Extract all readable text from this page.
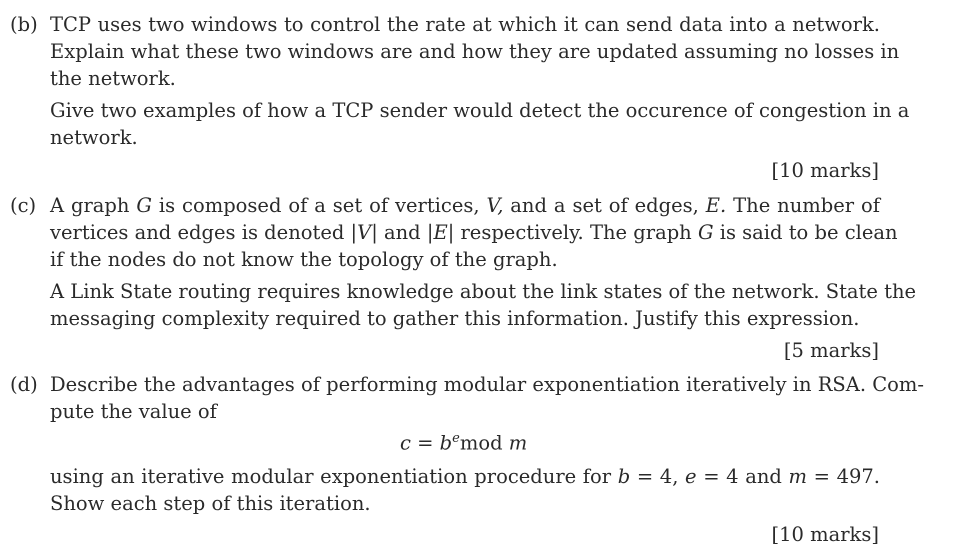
(b) TCP uses two windows to control the rate at which it can send data into a network.
Explain what these two windows are and how they are updated assuming no losses in
the network.
Give two examples of how a TCP sender would detect the occurence of congestion in a
network.
[10 marks]
(c) A graph G is composed of a set of vertices, V, and a set of edges, E. The number of
vertices and edges is denoted |V| and |E| respectively. The graph G is said to be clean
if the nodes do not know the topology of the graph.
A Link State routing requires knowledge about the link states of the network. State the
messaging complexity required to gather this information. Justify this expression.
[5 marks]
(d) Describe the advantages of performing modular exponentiation iteratively in RSA. Com-
pute the value of
$c = b^emod$ m
using an iterative modular exponentiation procedure for b = 4, e = 4 and m = 497.
Show each step of this iteration.
[10 marks]
